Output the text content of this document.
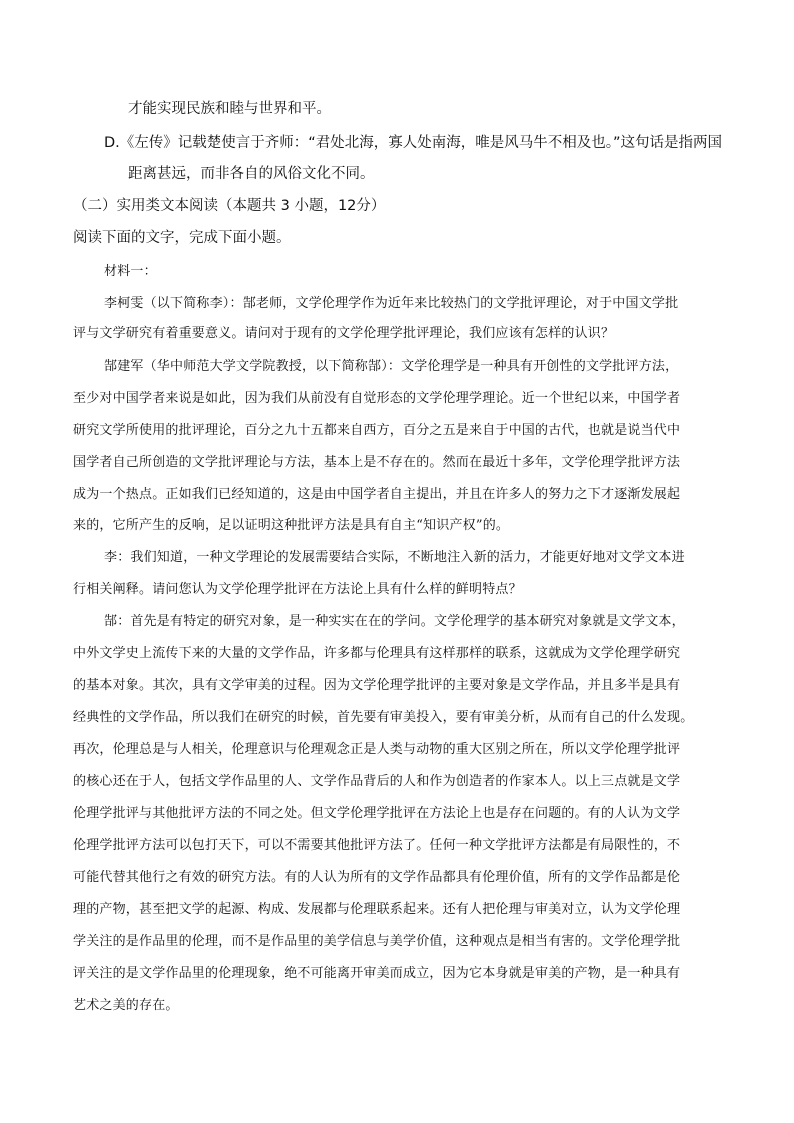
才能实现民族和睦与世界和平。
D.《左传》记载楚使言于齐师：“君处北海，寡人处南海，唯是风马牛不相及也。”这句话是指两国
距离甚远，而非各自的风俗文化不同。
（二）实用类文本阅读（本题共 3 小题，12分）
阅读下面的文字，完成下面小题。
材料一：
李柯雯（以下简称李）：郜老师，文学伦理学作为近年来比较热门的文学批评理论，对于中国文学批
评与文学研究有着重要意义。请问对于现有的文学伦理学批评理论，我们应该有怎样的认识？
郜建军（华中师范大学文学院教授，以下简称郜）：文学伦理学是一种具有开创性的文学批评方法，
至少对中国学者来说是如此，因为我们从前没有自觉形态的文学伦理学理论。近一个世纪以来，中国学者
研究文学所使用的批评理论，百分之九十五都来自西方，百分之五是来自于中国的古代，也就是说当代中
国学者自己所创造的文学批评理论与方法，基本上是不存在的。然而在最近十多年，文学伦理学批评方法
成为一个热点。正如我们已经知道的，这是由中国学者自主提出，并且在许多人的努力之下才逐渐发展起
来的，它所产生的反响，足以证明这种批评方法是具有自主“知识产权”的。
李：我们知道，一种文学理论的发展需要结合实际，不断地注入新的活力，才能更好地对文学文本进
行相关阐释。请问您认为文学伦理学批评在方法论上具有什么样的鲜明特点？
郜：首先是有特定的研究对象，是一种实实在在的学问。文学伦理学的基本研究对象就是文学文本，
中外文学史上流传下来的大量的文学作品，许多都与伦理具有这样那样的联系，这就成为文学伦理学研究
的基本对象。其次，具有文学审美的过程。因为文学伦理学批评的主要对象是文学作品，并且多半是具有
经典性的文学作品，所以我们在研究的时候，首先要有审美投入，要有审美分析，从而有自己的什么发现。
再次，伦理总是与人相关，伦理意识与伦理观念正是人类与动物的重大区别之所在，所以文学伦理学批评
的核心还在于人，包括文学作品里的人、文学作品背后的人和作为创造者的作家本人。以上三点就是文学
伦理学批评与其他批评方法的不同之处。但文学伦理学批评在方法论上也是存在问题的。有的人认为文学
伦理学批评方法可以包打天下，可以不需要其他批评方法了。任何一种文学批评方法都是有局限性的，不
可能代替其他行之有效的研究方法。有的人认为所有的文学作品都具有伦理价值，所有的文学作品都是伦
理的产物，甚至把文学的起源、构成、发展都与伦理联系起来。还有人把伦理与审美对立，认为文学伦理
学关注的是作品里的伦理，而不是作品里的美学信息与美学价值，这种观点是相当有害的。文学伦理学批
评关注的是文学作品里的伦理现象，绝不可能离开审美而成立，因为它本身就是审美的产物，是一种具有
艺术之美的存在。
